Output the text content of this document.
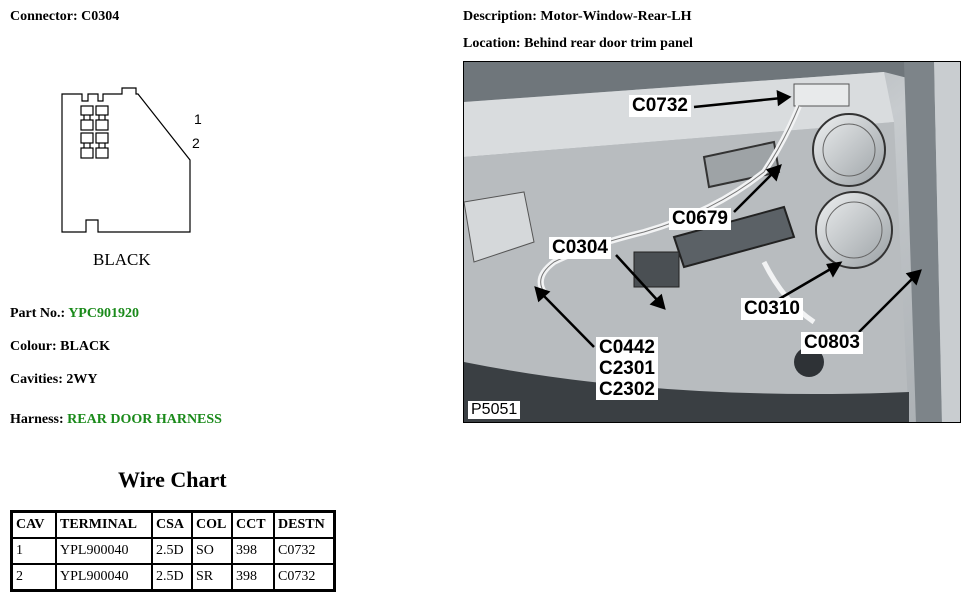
Connector: C0304	Description: Motor-Window-Rear-LH
Location: Behind rear door trim panel
1
2
BLACK
Part No.: YPC901920
Colour: BLACK
Cavities: 2WY
Harness: REAR DOOR HARNESS
C0732
C0679
C0304
C0310
C0803
C0442
C2301
C2302
P5051
Wire Chart
CAV	TERMINAL	CSA	COL	CCT	DESTN
1	YPL900040	2.5D	SO	398	C0732
2	YPL900040	2.5D	SR	398	C0732
